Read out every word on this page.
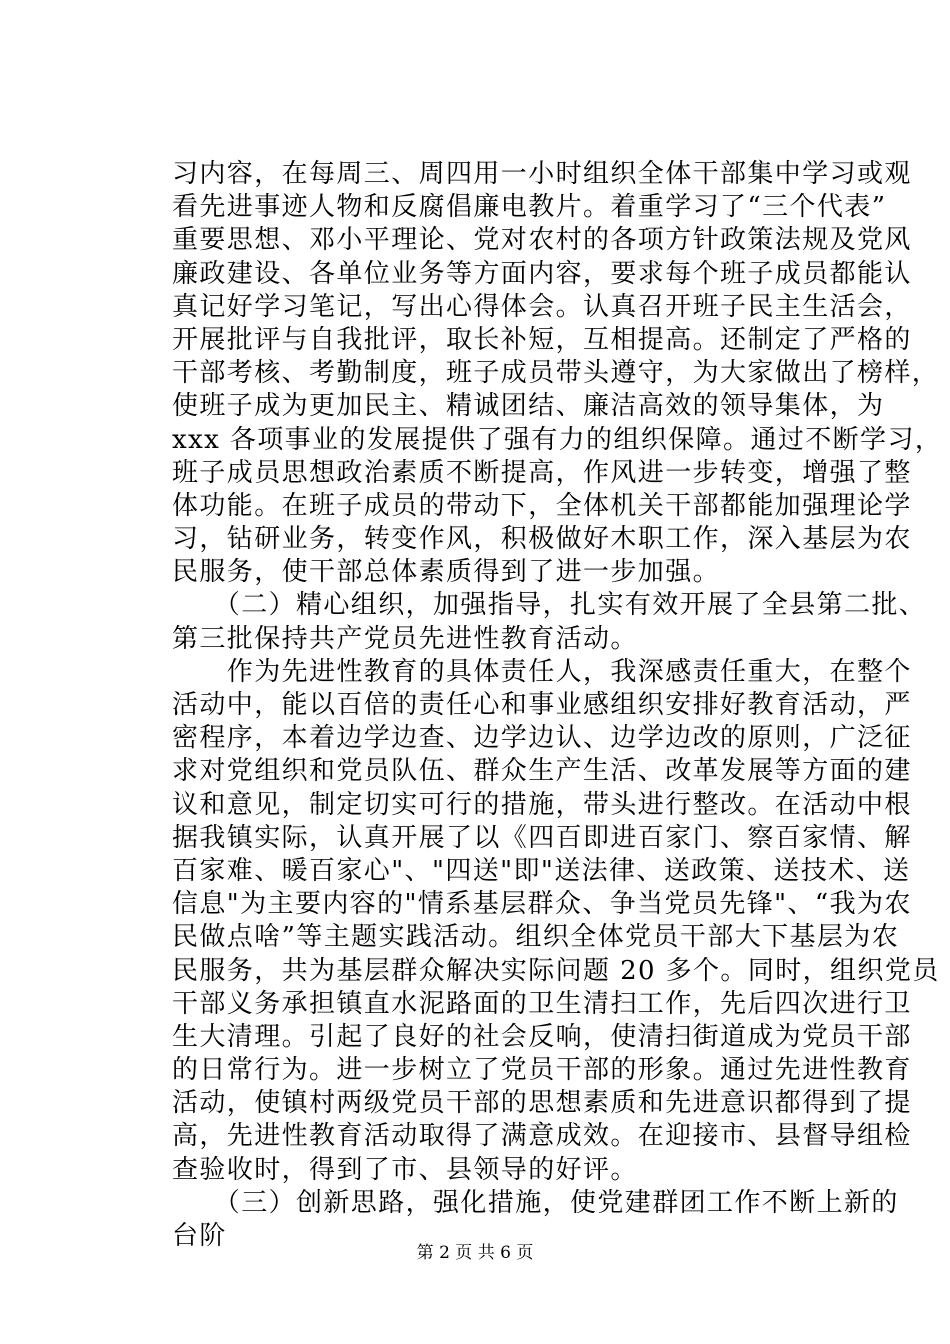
习内容，在每周三、周四用一小时组织全体干部集中学习或观
看先进事迹人物和反腐倡廉电教片。着重学习了“三个代表”
重要思想、邓小平理论、党对农村的各项方针政策法规及党风
廉政建设、各单位业务等方面内容，要求每个班子成员都能认
真记好学习笔记，写出心得体会。认真召开班子民主生活会，
开展批评与自我批评，取长补短，互相提高。还制定了严格的
干部考核、考勤制度，班子成员带头遵守，为大家做出了榜样，
使班子成为更加民主、精诚团结、廉洁高效的领导集体，为
xxx 各项事业的发展提供了强有力的组织保障。通过不断学习，
班子成员思想政治素质不断提高，作风进一步转变，增强了整
体功能。在班子成员的带动下，全体机关干部都能加强理论学
习，钻研业务，转变作风，积极做好木职工作，深入基层为农
民服务，使干部总体素质得到了进一步加强。
　　（二）精心组织，加强指导，扎实有效开展了全县第二批、
第三批保持共产党员先进性教育活动。
　　作为先进性教育的具体责任人，我深感责任重大，在整个
活动中，能以百倍的责任心和事业感组织安排好教育活动，严
密程序，本着边学边查、边学边认、边学边改的原则，广泛征
求对党组织和党员队伍、群众生产生活、改革发展等方面的建
议和意见，制定切实可行的措施，带头进行整改。在活动中根
据我镇实际，认真开展了以《四百即进百家门、察百家情、解
百家难、暖百家心"、"四送"即"送法律、送政策、送技术、送
信息"为主要内容的"情系基层群众、争当党员先锋"、“我为农
民做点啥”等主题实践活动。组织全体党员干部大下基层为农
民服务，共为基层群众解决实际问题 20 多个。同时，组织党员
干部义务承担镇直水泥路面的卫生清扫工作，先后四次进行卫
生大清理。引起了良好的社会反响，使清扫街道成为党员干部
的日常行为。进一步树立了党员干部的形象。通过先进性教育
活动，使镇村两级党员干部的思想素质和先进意识都得到了提
高，先进性教育活动取得了满意成效。在迎接市、县督导组检
查验收时，得到了市、县领导的好评。
　　（三）创新思路，强化措施，使党建群团工作不断上新的
台阶
第 2 页 共 6 页
